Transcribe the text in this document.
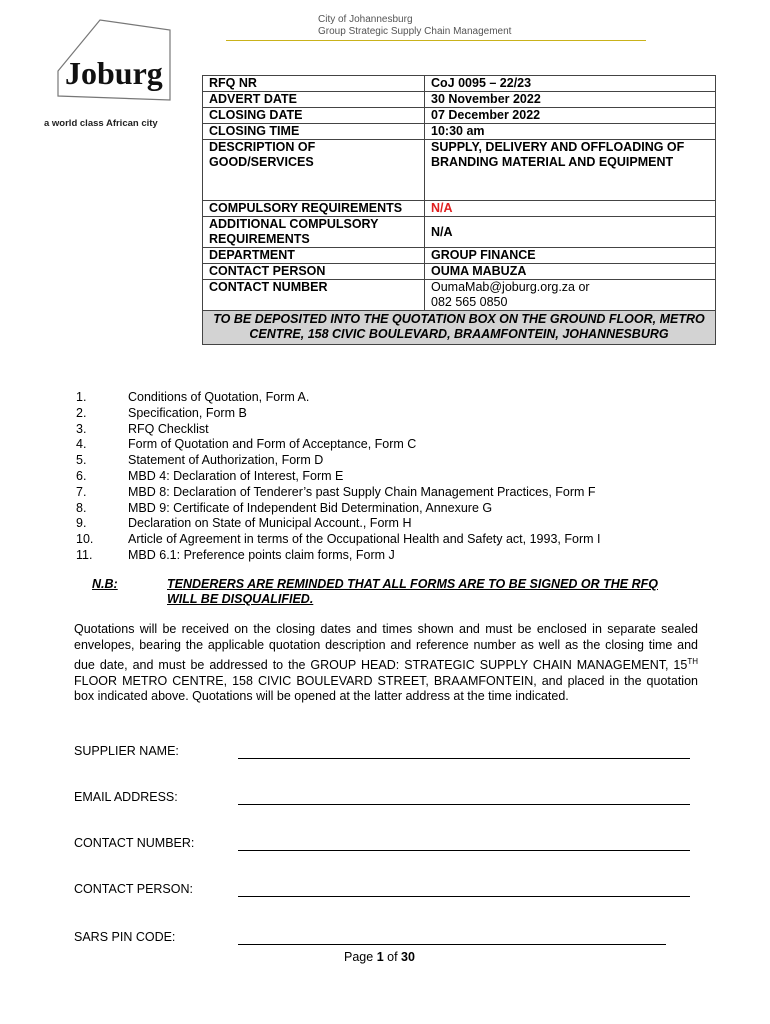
City of Johannesburg
Group Strategic Supply Chain Management
Joburg
a world class African city
RFQ NR	CoJ 0095 – 22/23
ADVERT DATE	30 November 2022
CLOSING DATE	07 December 2022
CLOSING TIME	10:30 am
DESCRIPTION OF GOOD/SERVICES	SUPPLY, DELIVERY AND OFFLOADING OF BRANDING MATERIAL AND EQUIPMENT
COMPULSORY REQUIREMENTS	N/A
ADDITIONAL COMPULSORY REQUIREMENTS	N/A
DEPARTMENT	GROUP FINANCE
CONTACT PERSON	OUMA MABUZA
CONTACT NUMBER	OumaMab@joburg.org.za or
082 565 0850

TO BE DEPOSITED INTO THE QUOTATION BOX ON THE GROUND FLOOR, METRO CENTRE, 158 CIVIC BOULEVARD, BRAAMFONTEIN, JOHANNESBURG	
1.	Conditions of Quotation, Form A.
2.	Specification, Form B
3.	RFQ Checklist
4.	Form of Quotation and Form of Acceptance, Form C
5.	Statement of Authorization, Form D
6.	MBD 4: Declaration of Interest, Form E
7.	MBD 8: Declaration of Tenderer’s past Supply Chain Management Practices, Form F
8.	MBD 9: Certificate of Independent Bid Determination, Annexure G
9.	Declaration on State of Municipal Account., Form H
10.	Article of Agreement in terms of the Occupational Health and Safety act, 1993, Form I
11.	MBD 6.1: Preference points claim forms, Form J
N.B:	TENDERERS ARE REMINDED THAT ALL FORMS ARE TO BE SIGNED OR THE RFQ WILL BE DISQUALIFIED.
Quotations will be received on the closing dates and times shown and must be enclosed in separate sealed envelopes, bearing the applicable quotation description and reference number as well as the closing time and due date, and must be addressed to the GROUP HEAD: STRATEGIC SUPPLY CHAIN MANAGEMENT, 15TH FLOOR METRO CENTRE, 158 CIVIC BOULEVARD STREET, BRAAMFONTEIN, and placed in the quotation box indicated above. Quotations will be opened at the latter address at the time indicated.
SUPPLIER NAME:
EMAIL ADDRESS:
CONTACT NUMBER:
CONTACT PERSON:
SARS PIN CODE:
Page 1 of 30
